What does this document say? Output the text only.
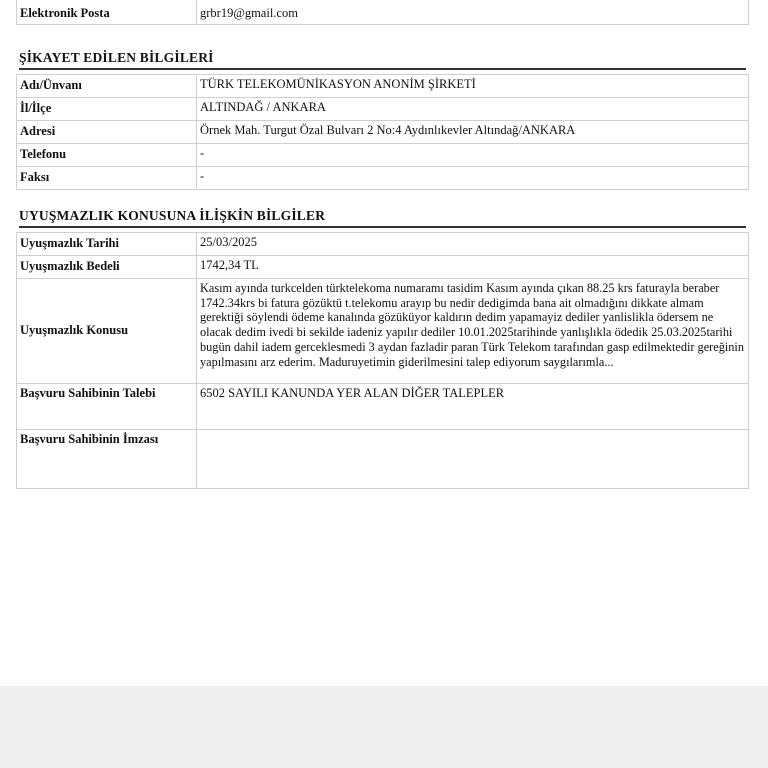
Elektronik Posta	grbr19@gmail.com
ŞİKAYET EDİLEN BİLGİLERİ
Adı/Ünvanı	TÜRK TELEKOMÜNİKASYON ANONİM ŞİRKETİ
İl/İlçe	ALTINDAĞ / ANKARA
Adresi	Örnek Mah. Turgut Özal Bulvarı 2 No:4 Aydınlıkevler Altındağ/ANKARA
Telefonu	-
Faksı	-
UYUŞMAZLIK KONUSUNA İLİŞKİN BİLGİLER
Uyuşmazlık Tarihi	25/03/2025
Uyuşmazlık Bedeli	1742,34 TL
Uyuşmazlık Konusu	Kasım ayında turkcelden türktelekoma numaramı tasidim Kasım ayında çıkan 88.25 krs faturayla beraber 1742.34krs bi fatura gözüktü t.telekomu arayıp bu nedir dedigimda bana ait olmadığını dikkate almam gerektiği söylendi ödeme kanalında gözüküyor kaldırın dedim yapamayiz dediler yanlislikla ödersem ne olacak dedim ivedi bi sekilde iadeniz yapılır dediler 10.01.2025tarihinde yanlışlıkla ödedik 25.03.2025tarihi bugün dahil iadem gerceklesmedi 3 aydan fazladir paran Türk Telekom tarafından gasp edilmektedir gereğinin yapılmasını arz ederim. Maduruyetimin giderilmesini talep ediyorum saygılarımla...
Başvuru Sahibinin Talebi	6502 SAYILI KANUNDA YER ALAN DİĞER TALEPLER
Başvuru Sahibinin İmzası	
